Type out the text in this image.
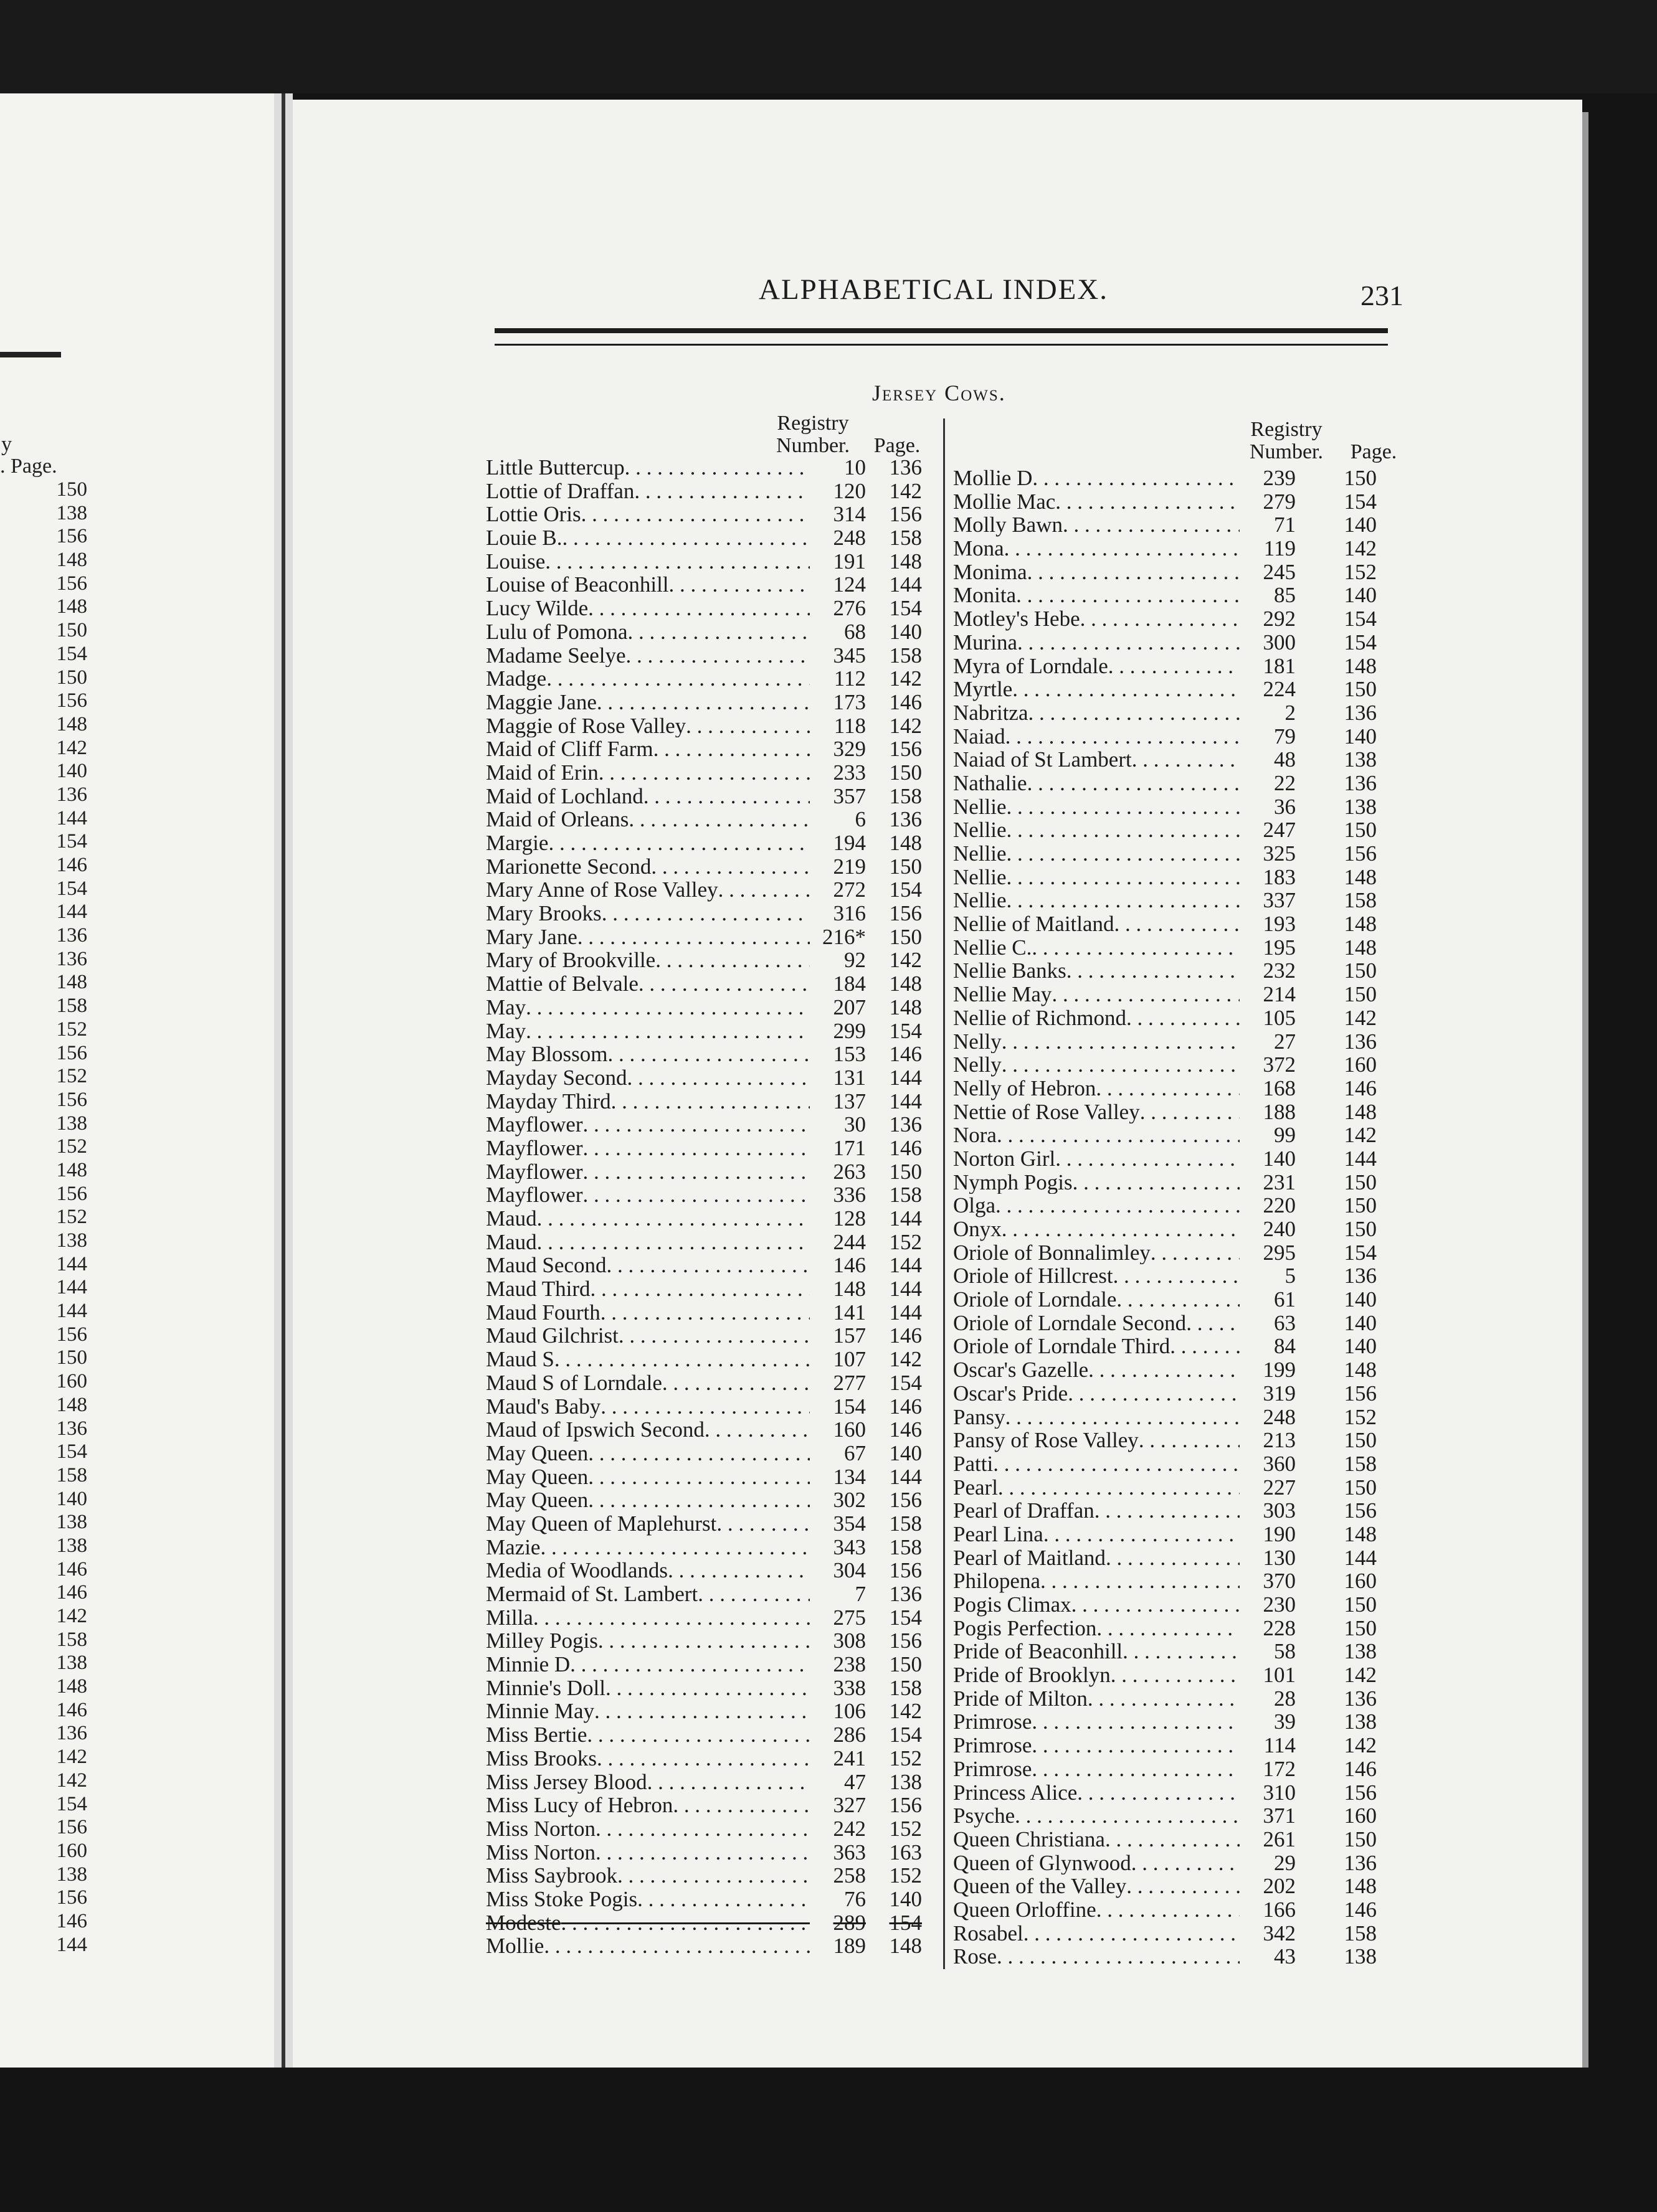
y
. Page.
150
138
156
148
156
148
150
154
150
156
148
142
140
136
144
154
146
154
144
136
136
148
158
152
156
152
156
138
152
148
156
152
138
144
144
144
156
150
160
148
136
154
158
140
138
138
146
146
142
158
138
148
146
136
142
142
154
156
160
138
156
146
144
ALPHABETICAL INDEX.	231
Jersey Cows.
Registry
Number.	Page.
Registry
Number.	Page.
Little Buttercup . . .	10	136
Lottie of Draffan . . .	120	142
Lottie Oris . . .	314	156
Louie B. . . .	248	158
Louise . . .	191	148
Louise of Beaconhill . . .	124	144
Lucy Wilde . . .	276	154
Lulu of Pomona . . .	68	140
Madame Seelye . . .	345	158
Madge . . .	112	142
Maggie Jane . . .	173	146
Maggie of Rose Valley . . .	118	142
Maid of Cliff Farm . . .	329	156
Maid of Erin . . .	233	150
Maid of Lochland . . .	357	158
Maid of Orleans . . .	6	136
Margie . . .	194	148
Marionette Second . . .	219	150
Mary Anne of Rose Valley . . .	272	154
Mary Brooks . . .	316	156
Mary Jane . . .	216*	150
Mary of Brookville . . .	92	142
Mattie of Belvale . . .	184	148
May . . .	207	148
May . . .	299	154
May Blossom . . .	153	146
Mayday Second . . .	131	144
Mayday Third . . .	137	144
Mayflower . . .	30	136
Mayflower . . .	171	146
Mayflower . . .	263	150
Mayflower . . .	336	158
Maud . . .	128	144
Maud . . .	244	152
Maud Second . . .	146	144
Maud Third . . .	148	144
Maud Fourth . . .	141	144
Maud Gilchrist . . .	157	146
Maud S . . .	107	142
Maud S of Lorndale . . .	277	154
Maud's Baby . . .	154	146
Maud of Ipswich Second . . .	160	146
May Queen . . .	67	140
May Queen . . .	134	144
May Queen . . .	302	156
May Queen of Maplehurst . . .	354	158
Mazie . . .	343	158
Media of Woodlands . . .	304	156
Mermaid of St. Lambert . . .	7	136
Milla . . .	275	154
Milley Pogis . . .	308	156
Minnie D . . .	238	150
Minnie's Doll . . .	338	158
Minnie May . . .	106	142
Miss Bertie . . .	286	154
Miss Brooks . . .	241	152
Miss Jersey Blood . . .	47	138
Miss Lucy of Hebron . . .	327	156
Miss Norton . . .	242	152
Miss Norton . . .	363	163
Miss Saybrook . . .	258	152
Miss Stoke Pogis . . .	76	140
Modeste . . .	289	154
Mollie . . .	189	148
Mollie D . . .	239	150
Mollie Mac . . .	279	154
Molly Bawn . . .	71	140
Mona . . .	119	142
Monima . . .	245	152
Monita . . .	85	140
Motley's Hebe . . .	292	154
Murina . . .	300	154
Myra of Lorndale . . .	181	148
Myrtle . . .	224	150
Nabritza . . .	2	136
Naiad . . .	79	140
Naiad of St Lambert . . .	48	138
Nathalie . . .	22	136
Nellie . . .	36	138
Nellie . . .	247	150
Nellie . . .	325	156
Nellie . . .	183	148
Nellie . . .	337	158
Nellie of Maitland . . .	193	148
Nellie C. . . .	195	148
Nellie Banks . . .	232	150
Nellie May . . .	214	150
Nellie of Richmond . . .	105	142
Nelly . . .	27	136
Nelly . . .	372	160
Nelly of Hebron . . .	168	146
Nettie of Rose Valley . . .	188	148
Nora . . .	99	142
Norton Girl . . .	140	144
Nymph Pogis . . .	231	150
Olga . . .	220	150
Onyx . . .	240	150
Oriole of Bonnalimley . . .	295	154
Oriole of Hillcrest . . .	5	136
Oriole of Lorndale . . .	61	140
Oriole of Lorndale Second . . .	63	140
Oriole of Lorndale Third . . .	84	140
Oscar's Gazelle . . .	199	148
Oscar's Pride . . .	319	156
Pansy . . .	248	152
Pansy of Rose Valley . . .	213	150
Patti . . .	360	158
Pearl . . .	227	150
Pearl of Draffan . . .	303	156
Pearl Lina . . .	190	148
Pearl of Maitland . . .	130	144
Philopena . . .	370	160
Pogis Climax . . .	230	150
Pogis Perfection . . .	228	150
Pride of Beaconhill . . .	58	138
Pride of Brooklyn . . .	101	142
Pride of Milton . . .	28	136
Primrose . . .	39	138
Primrose . . .	114	142
Primrose . . .	172	146
Princess Alice . . .	310	156
Psyche . . .	371	160
Queen Christiana . . .	261	150
Queen of Glynwood . . .	29	136
Queen of the Valley . . .	202	148
Queen Orloffine . . .	166	146
Rosabel . . .	342	158
Rose . . .	43	138
